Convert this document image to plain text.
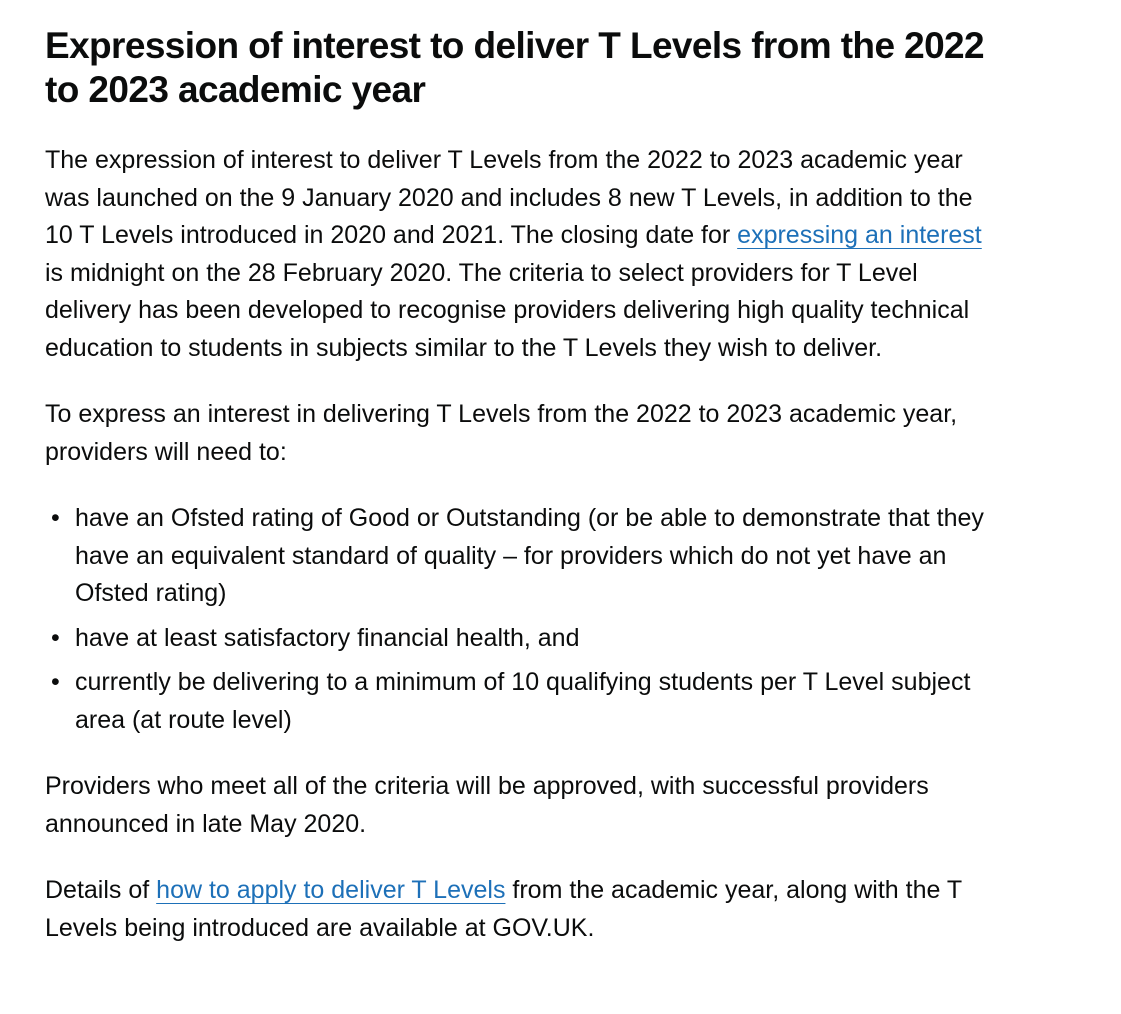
Expression of interest to deliver T Levels from the 2022 to 2023 academic year

The expression of interest to deliver T Levels from the 2022 to 2023 academic year was launched on the 9 January 2020 and includes 8 new T Levels, in addition to the 10 T Levels introduced in 2020 and 2021. The closing date for expressing an interest is midnight on the 28 February 2020. The criteria to select providers for T Level delivery has been developed to recognise providers delivering high quality technical education to students in subjects similar to the T Levels they wish to deliver.

To express an interest in delivering T Levels from the 2022 to 2023 academic year, providers will need to:

• have an Ofsted rating of Good or Outstanding (or be able to demonstrate that they have an equivalent standard of quality – for providers which do not yet have an Ofsted rating)
• have at least satisfactory financial health, and
• currently be delivering to a minimum of 10 qualifying students per T Level subject area (at route level)

Providers who meet all of the criteria will be approved, with successful providers announced in late May 2020.

Details of how to apply to deliver T Levels from the academic year, along with the T Levels being introduced are available at GOV.UK.
